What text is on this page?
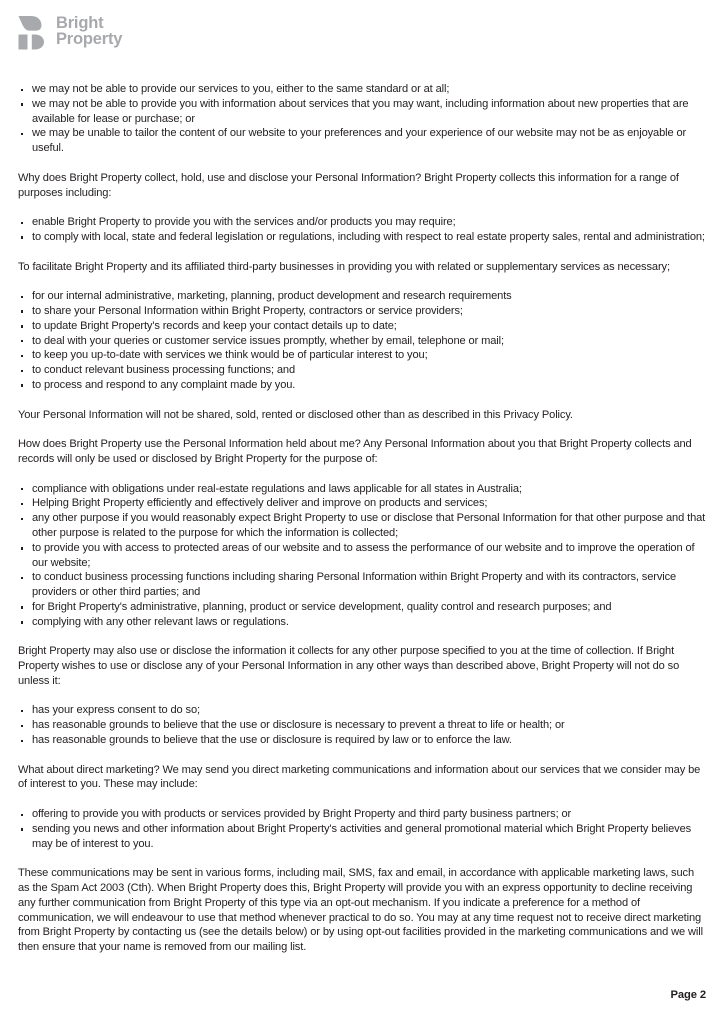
Bright
Property
we may not be able to provide our services to you, either to the same standard or at all;
we may not be able to provide you with information about services that you may want, including information about new properties that are available for lease or purchase; or
we may be unable to tailor the content of our website to your preferences and your experience of our website may not be as enjoyable or useful.

Why does Bright Property collect, hold, use and disclose your Personal Information? Bright Property collects this information for a range of purposes including:

enable Bright Property to provide you with the services and/or products you may require;
to comply with local, state and federal legislation or regulations, including with respect to real estate property sales, rental and administration;

To facilitate Bright Property and its affiliated third-party businesses in providing you with related or supplementary services as necessary;

for our internal administrative, marketing, planning, product development and research requirements
to share your Personal Information within Bright Property, contractors or service providers;
to update Bright Property's records and keep your contact details up to date;
to deal with your queries or customer service issues promptly, whether by email, telephone or mail;
to keep you up-to-date with services we think would be of particular interest to you;
to conduct relevant business processing functions; and
to process and respond to any complaint made by you.

Your Personal Information will not be shared, sold, rented or disclosed other than as described in this Privacy Policy.

How does Bright Property use the Personal Information held about me? Any Personal Information about you that Bright Property collects and records will only be used or disclosed by Bright Property for the purpose of:

compliance with obligations under real-estate regulations and laws applicable for all states in Australia;
Helping Bright Property efficiently and effectively deliver and improve on products and services;
any other purpose if you would reasonably expect Bright Property to use or disclose that Personal Information for that other purpose and that other purpose is related to the purpose for which the information is collected;
to provide you with access to protected areas of our website and to assess the performance of our website and to improve the operation of our website;
to conduct business processing functions including sharing Personal Information within Bright Property and with its contractors, service providers or other third parties; and
for Bright Property's administrative, planning, product or service development, quality control and research purposes; and
complying with any other relevant laws or regulations.

Bright Property may also use or disclose the information it collects for any other purpose specified to you at the time of collection. If Bright Property wishes to use or disclose any of your Personal Information in any other ways than described above, Bright Property will not do so unless it:

has your express consent to do so;
has reasonable grounds to believe that the use or disclosure is necessary to prevent a threat to life or health; or
has reasonable grounds to believe that the use or disclosure is required by law or to enforce the law.

What about direct marketing? We may send you direct marketing communications and information about our services that we consider may be of interest to you. These may include:

offering to provide you with products or services provided by Bright Property and third party business partners; or
sending you news and other information about Bright Property's activities and general promotional material which Bright Property believes may be of interest to you.

These communications may be sent in various forms, including mail, SMS, fax and email, in accordance with applicable marketing laws, such as the Spam Act 2003 (Cth). When Bright Property does this, Bright Property will provide you with an express opportunity to decline receiving any further communication from Bright Property of this type via an opt-out mechanism. If you indicate a preference for a method of communication, we will endeavour to use that method whenever practical to do so. You may at any time request not to receive direct marketing from Bright Property by contacting us (see the details below) or by using opt-out facilities provided in the marketing communications and we will then ensure that your name is removed from our mailing list.

Page 2
